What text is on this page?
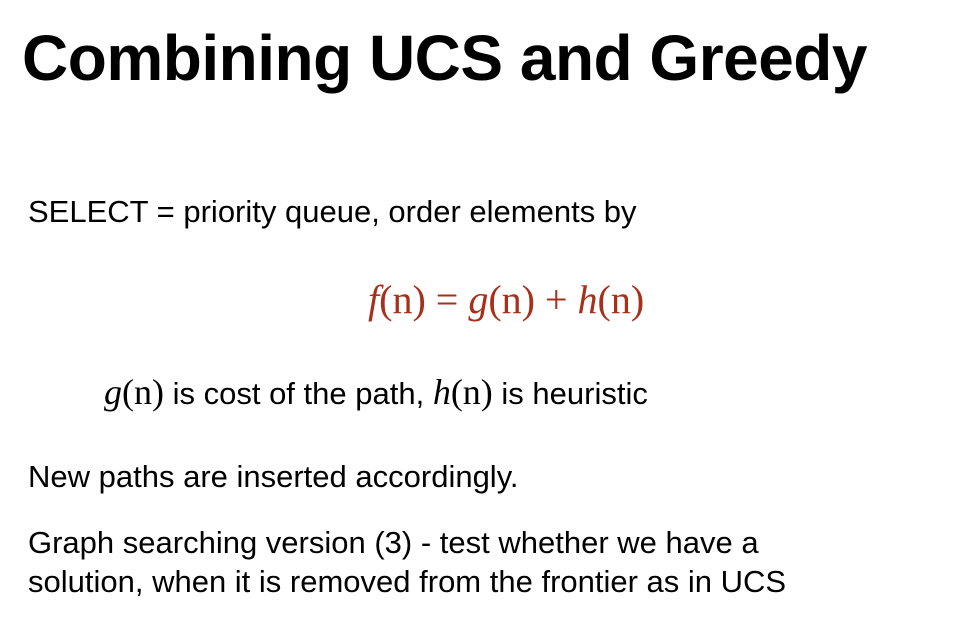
Combining UCS and Greedy
SELECT = priority queue, order elements by
f(n) = g(n) + h(n)
g(n) is cost of the path, h(n) is heuristic
New paths are inserted accordingly.
Graph searching version (3) - test whether we have a
solution, when it is removed from the frontier as in UCS
